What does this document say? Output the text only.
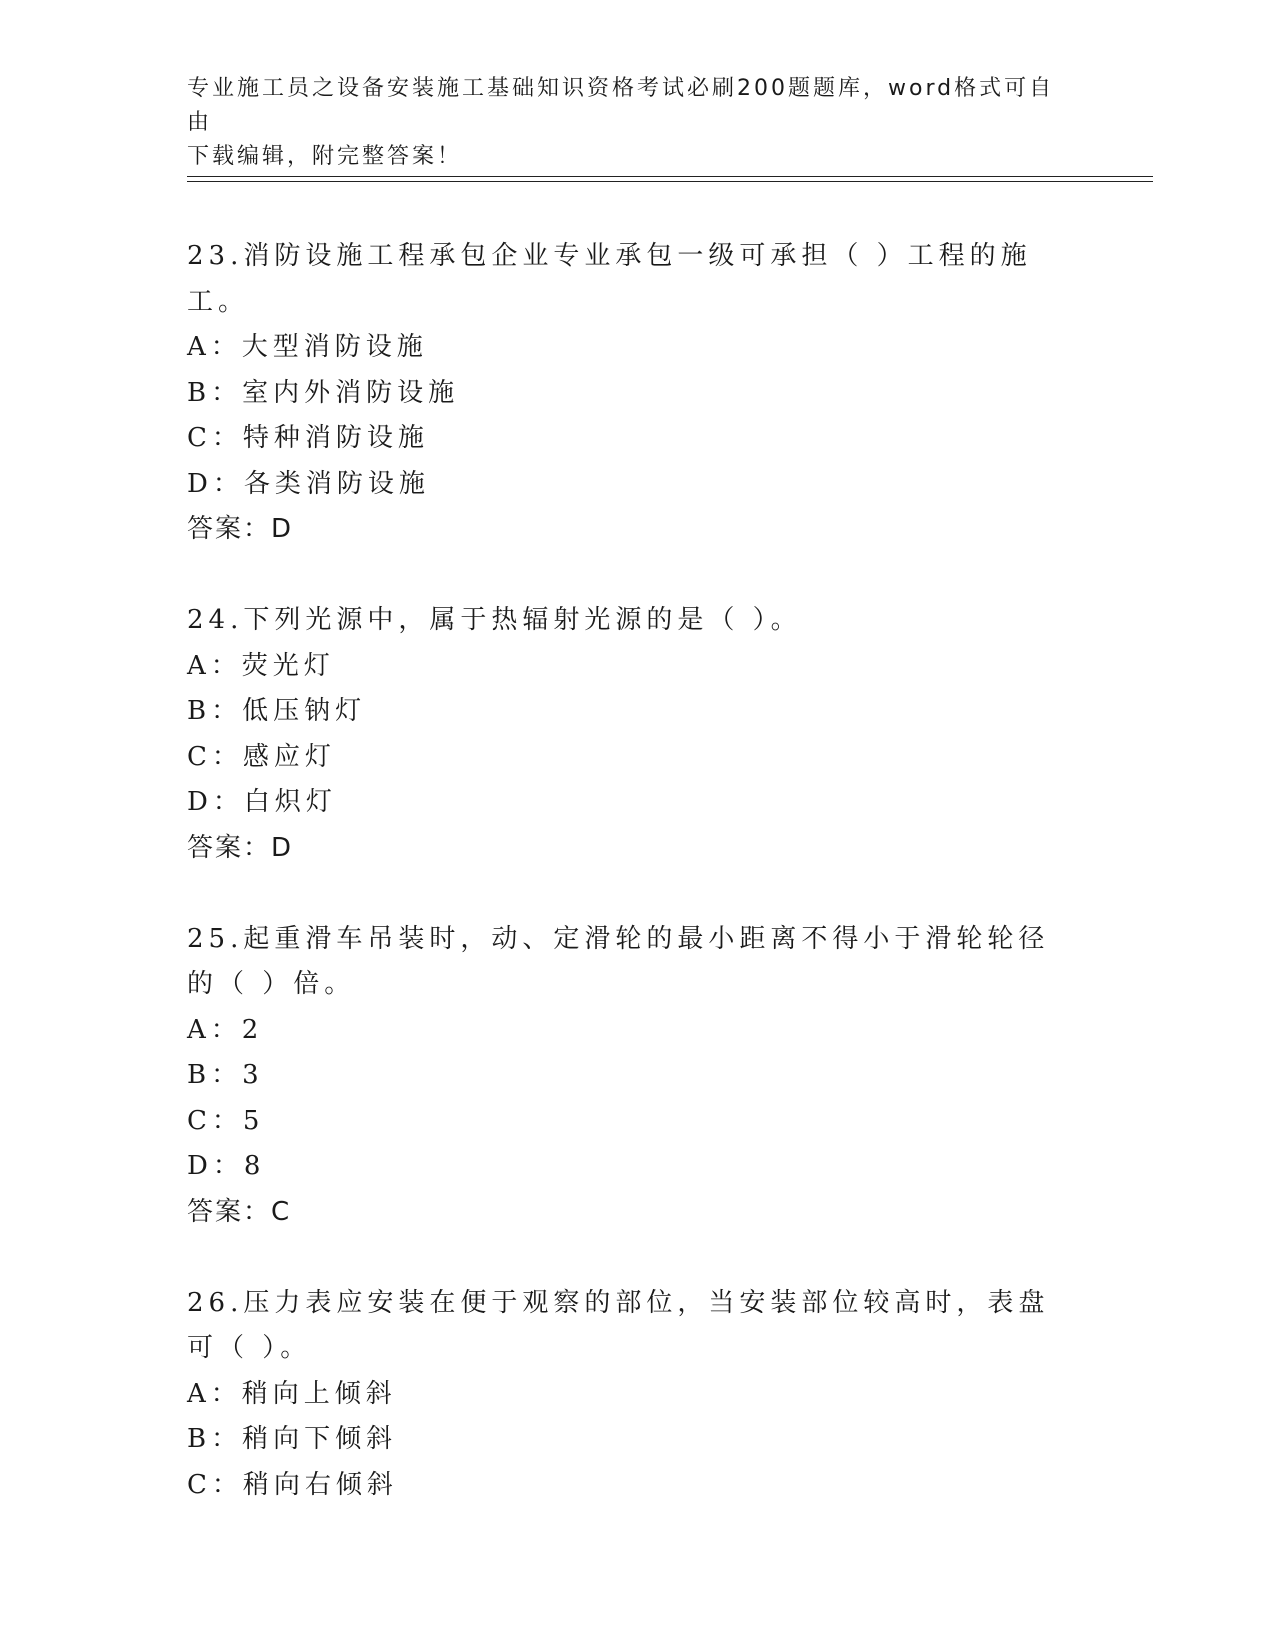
专业施工员之设备安装施工基础知识资格考试必刷200题题库，word格式可自由
下载编辑，附完整答案！
23.消防设施工程承包企业专业承包一级可承担（ ）工程的施工。
A：大型消防设施
B：室内外消防设施
C：特种消防设施
D：各类消防设施
答案：D
24.下列光源中，属于热辐射光源的是（ ）。
A：荧光灯
B：低压钠灯
C：感应灯
D：白炽灯
答案：D
25.起重滑车吊装时，动、定滑轮的最小距离不得小于滑轮轮径的（ ）倍。
A：2
B：3
C：5
D：8
答案：C
26.压力表应安装在便于观察的部位，当安装部位较高时，表盘可（ ）。
A：稍向上倾斜
B：稍向下倾斜
C：稍向右倾斜
